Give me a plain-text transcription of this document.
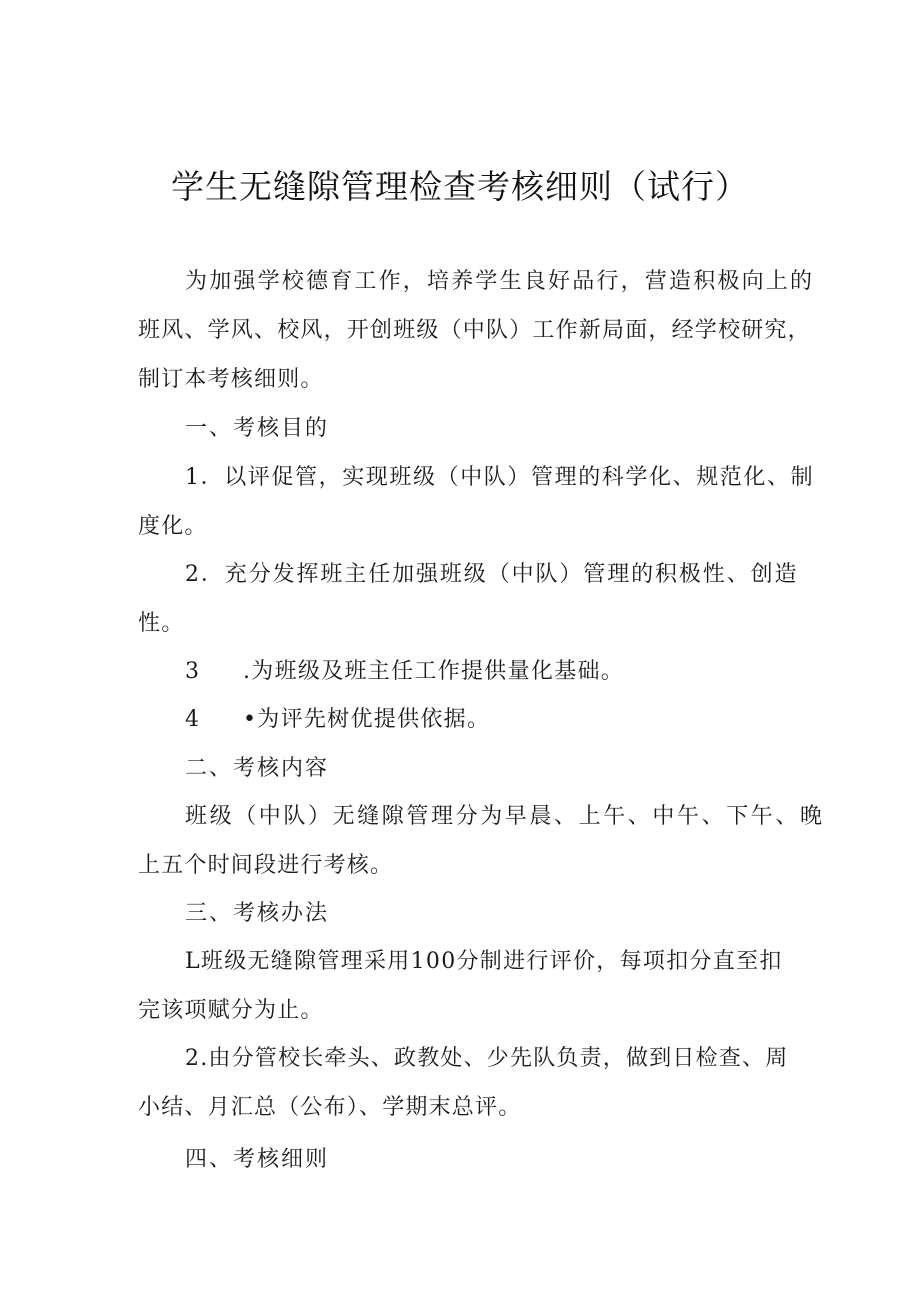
学生无缝隙管理检查考核细则（试行）
为加强学校德育工作，培养学生良好品行，营造积极向上的
班风、学风、校风，开创班级（中队）工作新局面，经学校研究，
制订本考核细则。
一、考核目的
1．以评促管，实现班级（中队）管理的科学化、规范化、制
度化。
2．充分发挥班主任加强班级（中队）管理的积极性、创造
性。
3 .为班级及班主任工作提供量化基础。
4 •为评先树优提供依据。
二、考核内容
班级（中队）无缝隙管理分为早晨、上午、中午、下午、晚
上五个时间段进行考核。
三、考核办法
L班级无缝隙管理采用100分制进行评价，每项扣分直至扣
完该项赋分为止。
2.由分管校长牵头、政教处、少先队负责，做到日检查、周
小结、月汇总（公布）、学期末总评。
四、考核细则
